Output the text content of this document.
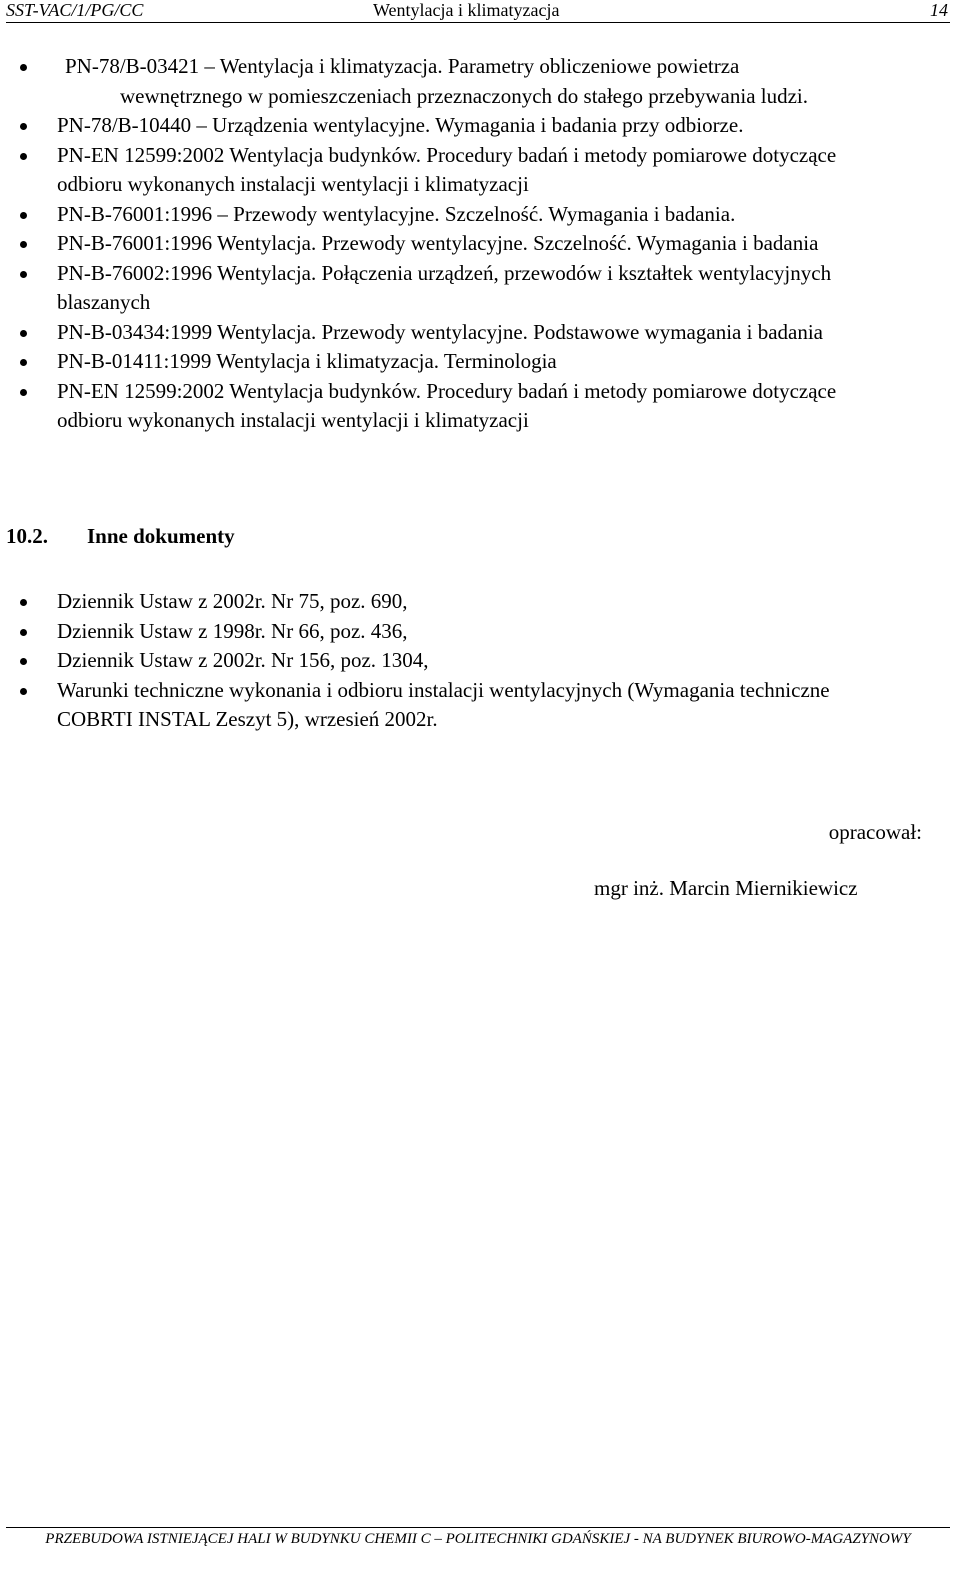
SST-VAC/1/PG/CC	Wentylacja i klimatyzacja	14
PN-78/B-03421 – Wentylacja i klimatyzacja. Parametry obliczeniowe powietrza
wewnętrznego w pomieszczeniach przeznaczonych do stałego przebywania ludzi.
PN-78/B-10440 – Urządzenia wentylacyjne. Wymagania i badania przy odbiorze.
PN-EN 12599:2002 Wentylacja budynków. Procedury badań i metody pomiarowe dotyczące odbioru wykonanych instalacji wentylacji i klimatyzacji
PN-B-76001:1996 – Przewody wentylacyjne. Szczelność. Wymagania i badania.
PN-B-76001:1996 Wentylacja. Przewody wentylacyjne. Szczelność. Wymagania i badania
PN-B-76002:1996 Wentylacja. Połączenia urządzeń, przewodów i kształtek wentylacyjnych blaszanych
PN-B-03434:1999 Wentylacja. Przewody wentylacyjne. Podstawowe wymagania i badania
PN-B-01411:1999 Wentylacja i klimatyzacja. Terminologia
PN-EN 12599:2002 Wentylacja budynków. Procedury badań i metody pomiarowe dotyczące odbioru wykonanych instalacji wentylacji i klimatyzacji
10.2. Inne dokumenty
Dziennik Ustaw z 2002r. Nr 75, poz. 690,
Dziennik Ustaw z 1998r. Nr 66, poz. 436,
Dziennik Ustaw z 2002r. Nr 156, poz. 1304,
Warunki techniczne wykonania i odbioru instalacji wentylacyjnych (Wymagania techniczne COBRTI INSTAL Zeszyt 5), wrzesień 2002r.
opracował:
mgr inż. Marcin Miernikiewicz
PRZEBUDOWA ISTNIEJĄCEJ HALI W BUDYNKU CHEMII C – POLITECHNIKI GDAŃSKIEJ - NA BUDYNEK BIUROWO-MAGAZYNOWY
